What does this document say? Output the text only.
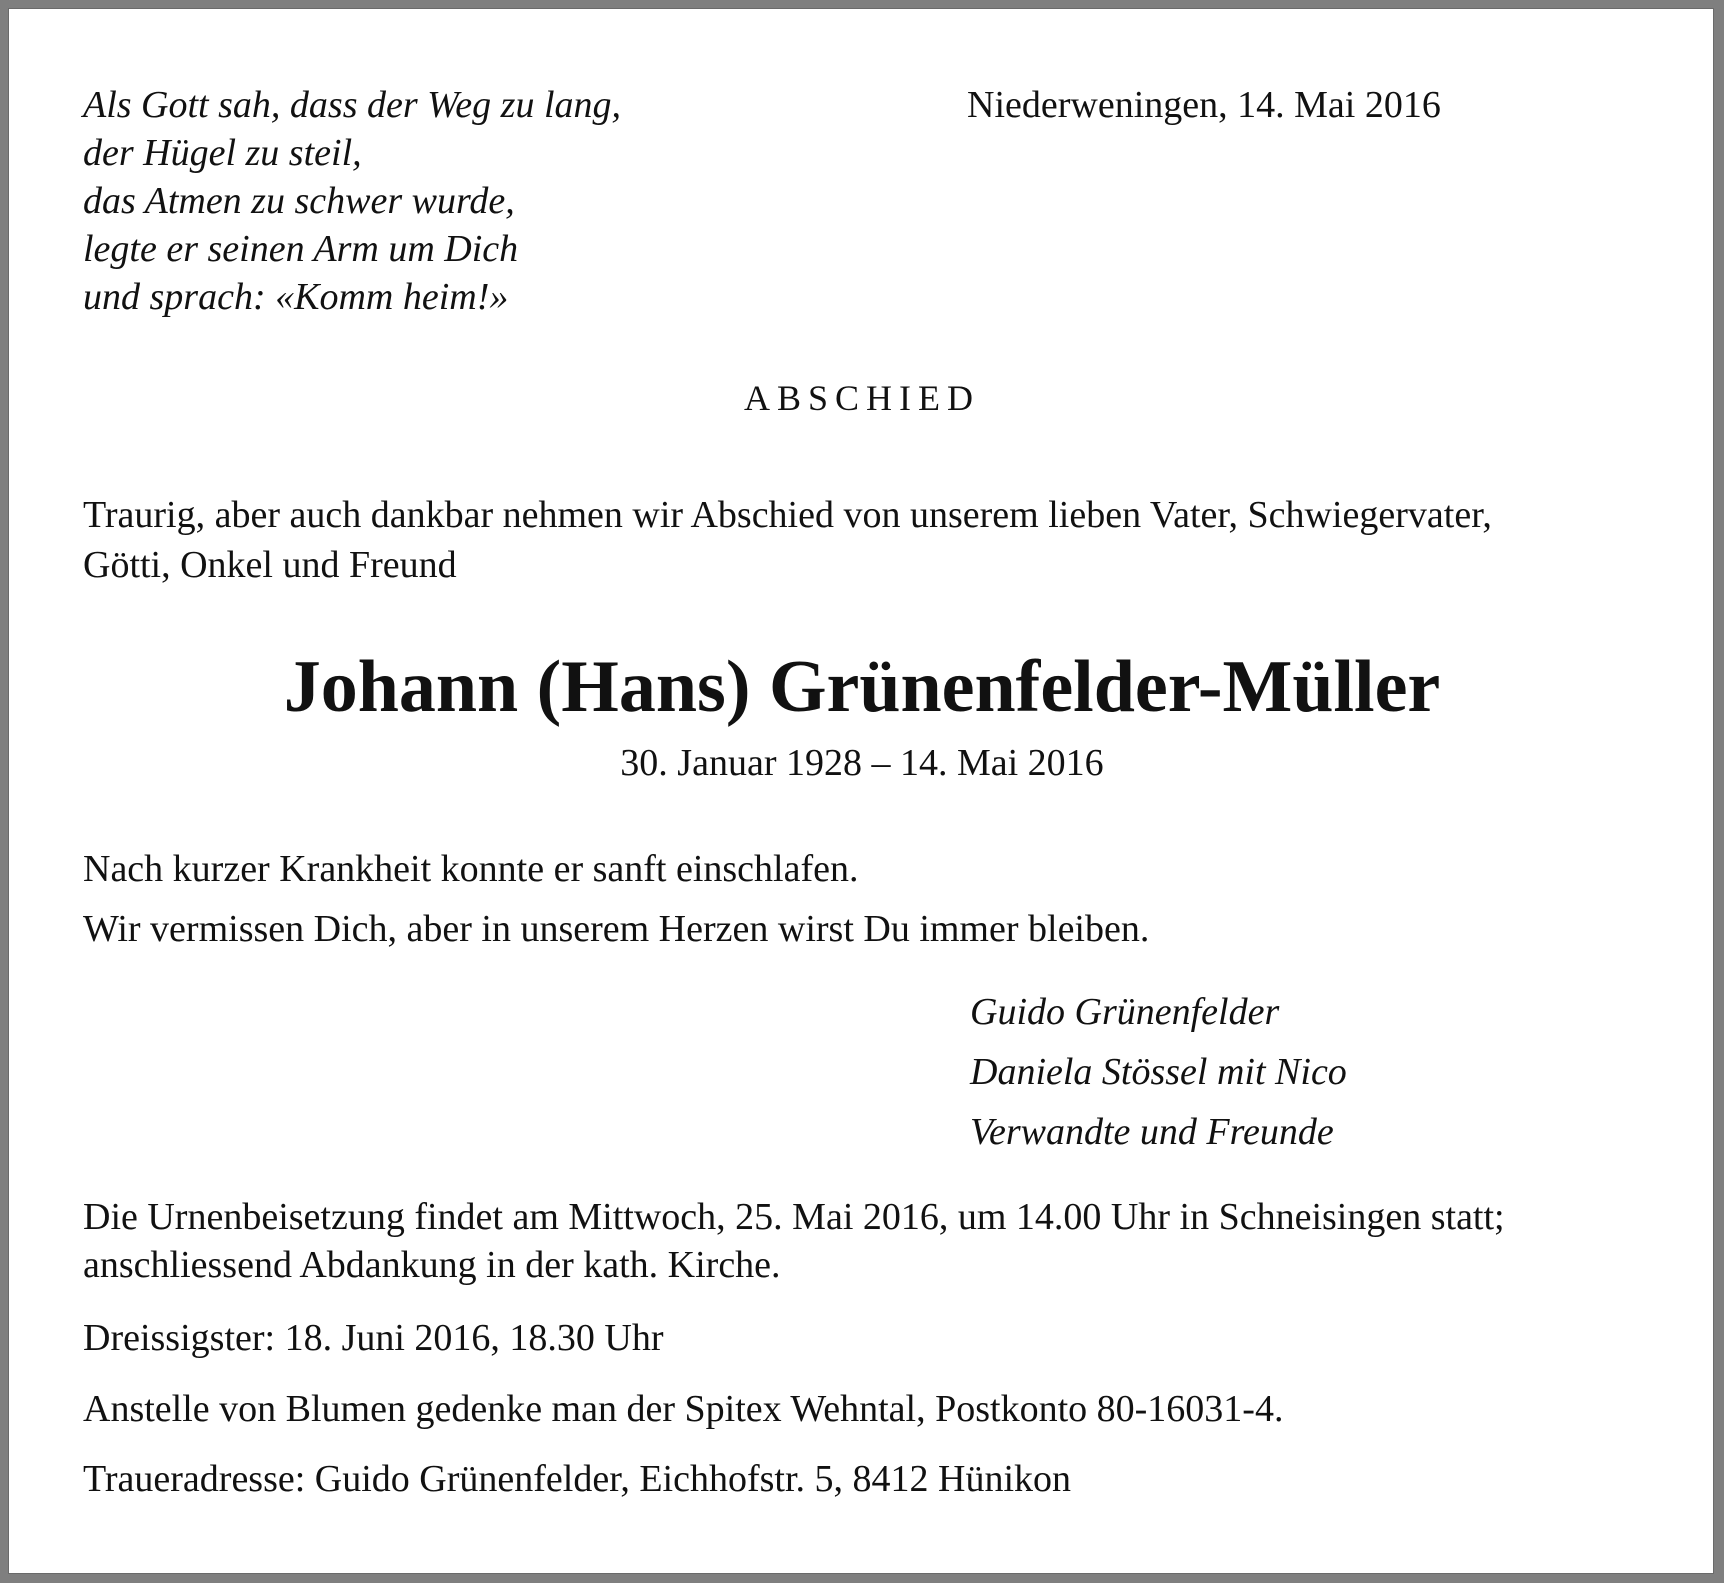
Als Gott sah, dass der Weg zu lang,
der Hügel zu steil,
das Atmen zu schwer wurde,
legte er seinen Arm um Dich
und sprach: «Komm heim!»
Niederweningen, 14. Mai 2016
ABSCHIED
Traurig, aber auch dankbar nehmen wir Abschied von unserem lieben Vater, Schwiegervater,
Götti, Onkel und Freund
Johann (Hans) Grünenfelder-Müller
30. Januar 1928 – 14. Mai 2016
Nach kurzer Krankheit konnte er sanft einschlafen.
Wir vermissen Dich, aber in unserem Herzen wirst Du immer bleiben.
Guido Grünenfelder
Daniela Stössel mit Nico
Verwandte und Freunde
Die Urnenbeisetzung findet am Mittwoch, 25. Mai 2016, um 14.00 Uhr in Schneisingen statt;
anschliessend Abdankung in der kath. Kirche.
Dreissigster: 18. Juni 2016, 18.30 Uhr
Anstelle von Blumen gedenke man der Spitex Wehntal, Postkonto 80-16031-4.
Traueradresse: Guido Grünenfelder, Eichhofstr. 5, 8412 Hünikon
